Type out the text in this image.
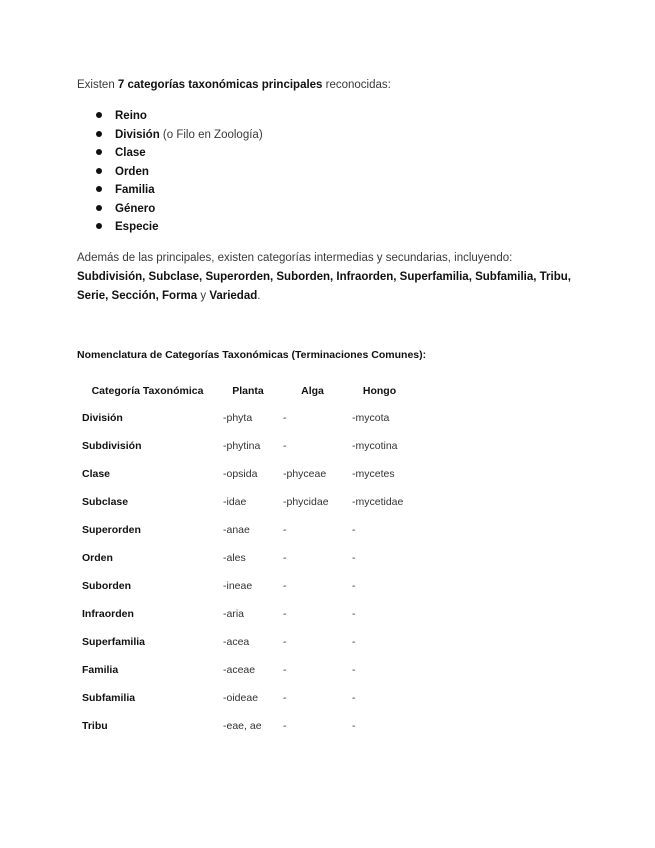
Existen 7 categorías taxonómicas principales reconocidas:
Reino
División (o Filo en Zoología)
Clase
Orden
Familia
Género
Especie
Además de las principales, existen categorías intermedias y secundarias, incluyendo:
Subdivisión, Subclase, Superorden, Suborden, Infraorden, Superfamilia, Subfamilia, Tribu,
Serie, Sección, Forma y Variedad.
Nomenclatura de Categorías Taxonómicas (Terminaciones Comunes):
Categoría Taxonómica	Planta	Alga	Hongo
División	-phyta	-	-mycota
Subdivisión	-phytina	-	-mycotina
Clase	-opsida	-phyceae	-mycetes
Subclase	-idae	-phycidae	-mycetidae
Superorden	-anae	-	-
Orden	-ales	-	-
Suborden	-ineae	-	-
Infraorden	-aria	-	-
Superfamilia	-acea	-	-
Familia	-aceae	-	-
Subfamilia	-oideae	-	-
Tribu	-eae, ae	-	-
